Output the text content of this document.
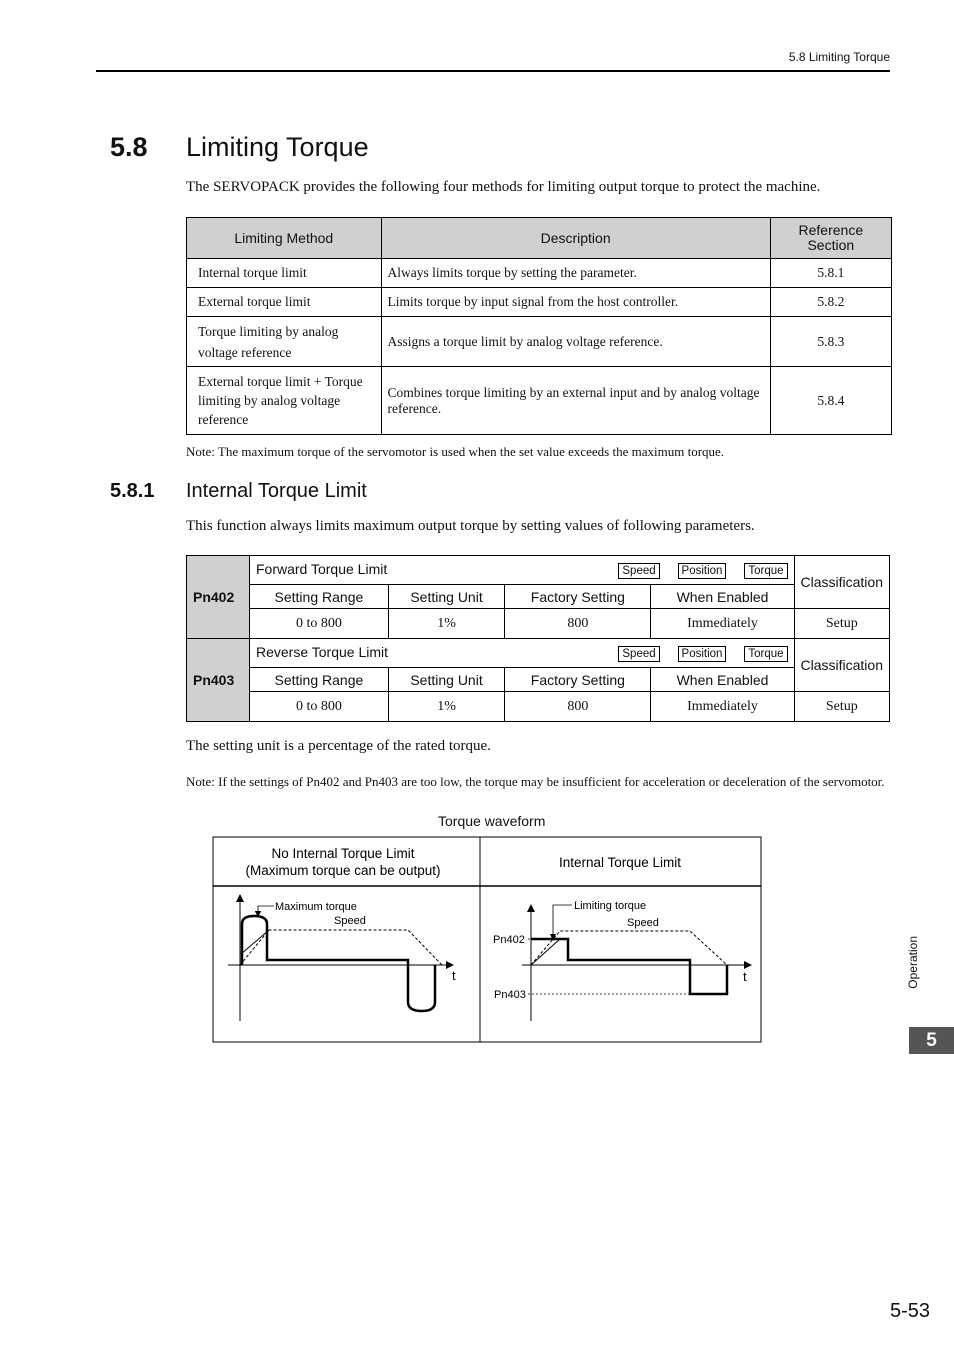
5.8 Limiting Torque
5.8 Limiting Torque
The SERVOPACK provides the following four methods for limiting output torque to protect the machine.
Limiting Method	Description	Reference Section
Internal torque limit	Always limits torque by setting the parameter.	5.8.1
External torque limit	Limits torque by input signal from the host controller.	5.8.2
Torque limiting by analog voltage reference	Assigns a torque limit by analog voltage reference.	5.8.3
External torque limit + Torque limiting by analog voltage reference	Combines torque limiting by an external input and by analog voltage reference.	5.8.4
Note: The maximum torque of the servomotor is used when the set value exceeds the maximum torque.
5.8.1 Internal Torque Limit
This function always limits maximum output torque by setting values of following parameters.
Pn402	Forward Torque Limit Speed Position Torque				Classification
	Setting Range	Setting Unit	Factory Setting	When Enabled	
	0 to 800	1%	800	Immediately	Setup
Pn403	Reverse Torque Limit Speed Position Torque				Classification
	Setting Range	Setting Unit	Factory Setting	When Enabled	
	0 to 800	1%	800	Immediately	Setup
The setting unit is a percentage of the rated torque.
Note: If the settings of Pn402 and Pn403 are too low, the torque may be insufficient for acceleration or deceleration of the servomotor.
Torque waveform
No Internal Torque Limit
(Maximum torque can be output)
Internal Torque Limit
Maximum torque
Speed
t
Limiting torque
Speed
Pn402
Pn403
t	Operation
5
5-53
